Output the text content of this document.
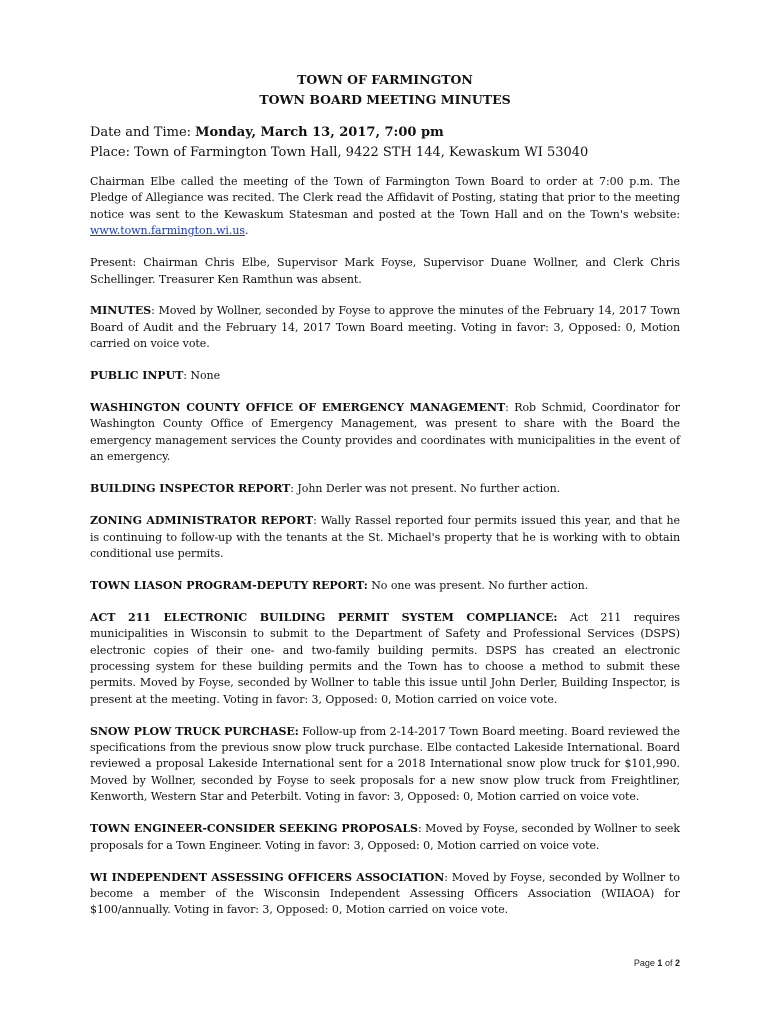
TOWN OF FARMINGTON
TOWN BOARD MEETING MINUTES
Date and Time: Monday, March 13, 2017, 7:00 pm
Place: Town of Farmington Town Hall, 9422 STH 144, Kewaskum WI 53040

Chairman Elbe called the meeting of the Town of Farmington Town Board to order at 7:00 p.m. The Pledge of Allegiance was recited. The Clerk read the Affidavit of Posting, stating that prior to the meeting notice was sent to the Kewaskum Statesman and posted at the Town Hall and on the Town's website: www.town.farmington.wi.us.

Present: Chairman Chris Elbe, Supervisor Mark Foyse, Supervisor Duane Wollner, and Clerk Chris Schellinger. Treasurer Ken Ramthun was absent.

MINUTES: Moved by Wollner, seconded by Foyse to approve the minutes of the February 14, 2017 Town Board of Audit and the February 14, 2017 Town Board meeting. Voting in favor: 3, Opposed: 0, Motion carried on voice vote.

PUBLIC INPUT: None

WASHINGTON COUNTY OFFICE OF EMERGENCY MANAGEMENT: Rob Schmid, Coordinator for Washington County Office of Emergency Management, was present to share with the Board the emergency management services the County provides and coordinates with municipalities in the event of an emergency.

BUILDING INSPECTOR REPORT: John Derler was not present. No further action.

ZONING ADMINISTRATOR REPORT: Wally Rassel reported four permits issued this year, and that he is continuing to follow-up with the tenants at the St. Michael's property that he is working with to obtain conditional use permits.

TOWN LIASON PROGRAM-DEPUTY REPORT: No one was present. No further action.

ACT 211 ELECTRONIC BUILDING PERMIT SYSTEM COMPLIANCE: Act 211 requires municipalities in Wisconsin to submit to the Department of Safety and Professional Services (DSPS) electronic copies of their one- and two-family building permits. DSPS has created an electronic processing system for these building permits and the Town has to choose a method to submit these permits. Moved by Foyse, seconded by Wollner to table this issue until John Derler, Building Inspector, is present at the meeting. Voting in favor: 3, Opposed: 0, Motion carried on voice vote.

SNOW PLOW TRUCK PURCHASE: Follow-up from 2-14-2017 Town Board meeting. Board reviewed the specifications from the previous snow plow truck purchase. Elbe contacted Lakeside International. Board reviewed a proposal Lakeside International sent for a 2018 International snow plow truck for $101,990. Moved by Wollner, seconded by Foyse to seek proposals for a new snow plow truck from Freightliner, Kenworth, Western Star and Peterbilt. Voting in favor: 3, Opposed: 0, Motion carried on voice vote.

TOWN ENGINEER-CONSIDER SEEKING PROPOSALS: Moved by Foyse, seconded by Wollner to seek proposals for a Town Engineer. Voting in favor: 3, Opposed: 0, Motion carried on voice vote.

WI INDEPENDENT ASSESSING OFFICERS ASSOCIATION: Moved by Foyse, seconded by Wollner to become a member of the Wisconsin Independent Assessing Officers Association (WIIAOA) for $100/annually. Voting in favor: 3, Opposed: 0, Motion carried on voice vote.

Page 1 of 2
